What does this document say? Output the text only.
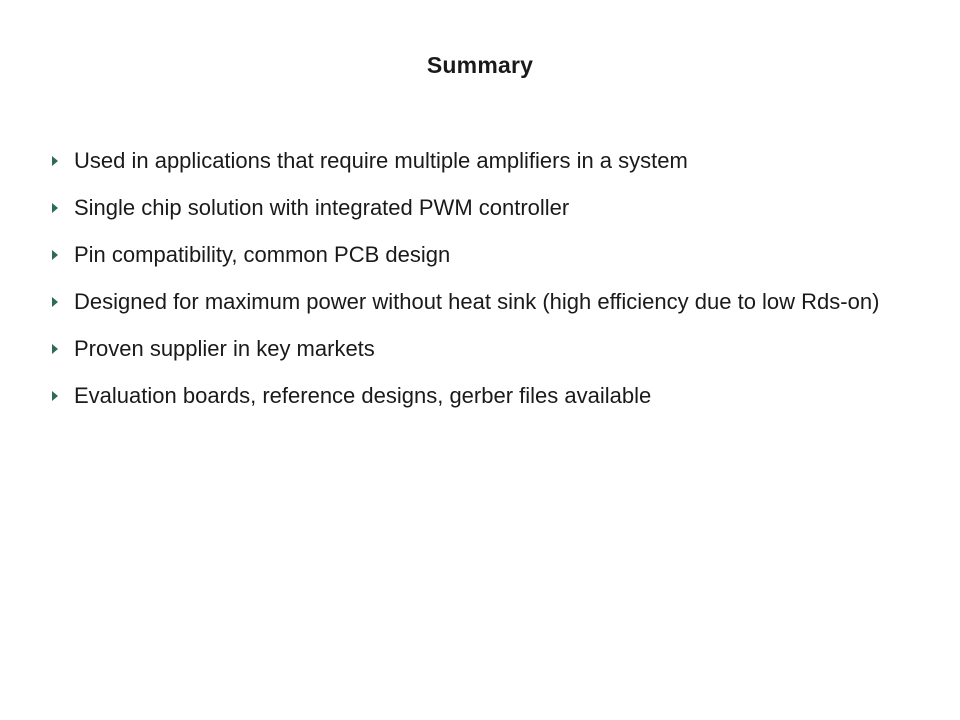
Summary
Used in applications that require multiple amplifiers in a system
Single chip solution with integrated PWM controller
Pin compatibility, common PCB design
Designed for maximum power without heat sink (high efficiency due to low Rds-on)
Proven supplier in key markets
Evaluation boards, reference designs, gerber files available
